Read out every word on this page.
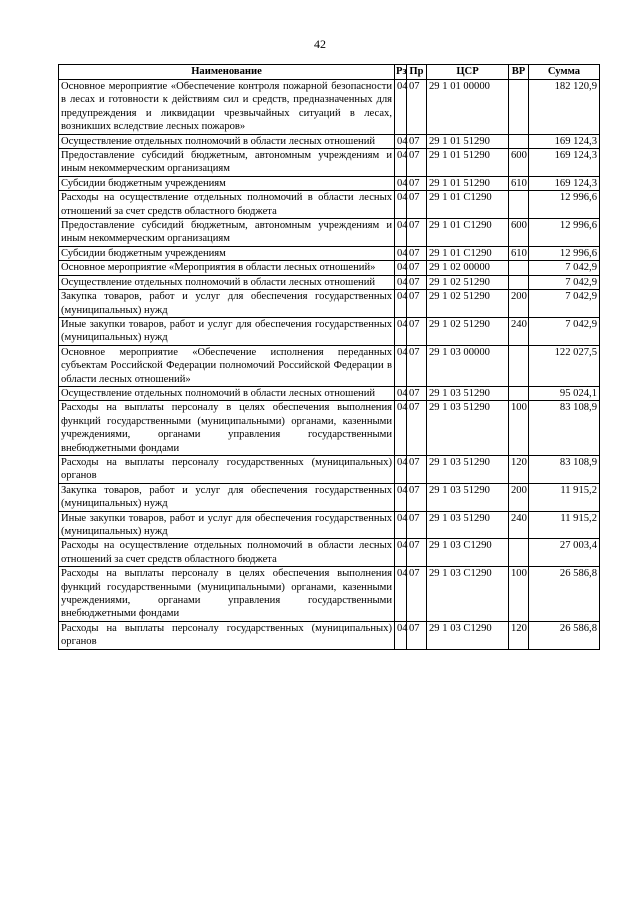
42
Наименование	Рз	Пр	ЦСР	ВР	Сумма
Основное мероприятие «Обеспечение контроля пожарной безопасности в лесах и готовности к действиям сил и средств, предназначенных для предупреждения и ликвидации чрезвычайных ситуаций в лесах, возникших вследствие лесных пожаров»	04	07	29 1 01 00000		182 120,9
Осуществление отдельных полномочий в области лесных отношений	04	07	29 1 01 51290		169 124,3
Предоставление субсидий бюджетным, автономным учреждениям и иным некоммерческим организациям	04	07	29 1 01 51290	600	169 124,3
Субсидии бюджетным учреждениям	04	07	29 1 01 51290	610	169 124,3
Расходы на осуществление отдельных полномочий в области лесных отношений за счет средств областного бюджета	04	07	29 1 01 С1290		12 996,6
Предоставление субсидий бюджетным, автономным учреждениям и иным некоммерческим организациям	04	07	29 1 01 С1290	600	12 996,6
Субсидии бюджетным учреждениям	04	07	29 1 01 С1290	610	12 996,6
Основное мероприятие «Мероприятия в области лесных отношений»	04	07	29 1 02 00000		7 042,9
Осуществление отдельных полномочий в области лесных отношений	04	07	29 1 02 51290		7 042,9
Закупка товаров, работ и услуг для обеспечения государственных (муниципальных) нужд	04	07	29 1 02 51290	200	7 042,9
Иные закупки товаров, работ и услуг для обеспечения государственных (муниципальных) нужд	04	07	29 1 02 51290	240	7 042,9
Основное мероприятие «Обеспечение исполнения переданных субъектам Российской Федерации полномочий Российской Федерации в области лесных отношений»	04	07	29 1 03 00000		122 027,5
Осуществление отдельных полномочий в области лесных отношений	04	07	29 1 03 51290		95 024,1
Расходы на выплаты персоналу в целях обеспечения выполнения функций государственными (муниципальными) органами, казенными учреждениями, органами управления государственными внебюджетными фондами	04	07	29 1 03 51290	100	83 108,9
Расходы на выплаты персоналу государственных (муниципальных) органов	04	07	29 1 03 51290	120	83 108,9
Закупка товаров, работ и услуг для обеспечения государственных (муниципальных) нужд	04	07	29 1 03 51290	200	11 915,2
Иные закупки товаров, работ и услуг для обеспечения государственных (муниципальных) нужд	04	07	29 1 03 51290	240	11 915,2
Расходы на осуществление отдельных полномочий в области лесных отношений за счет средств областного бюджета	04	07	29 1 03 С1290		27 003,4
Расходы на выплаты персоналу в целях обеспечения выполнения функций государственными (муниципальными) органами, казенными учреждениями, органами управления государственными внебюджетными фондами	04	07	29 1 03 С1290	100	26 586,8
Расходы на выплаты персоналу государственных (муниципальных) органов	04	07	29 1 03 С1290	120	26 586,8
